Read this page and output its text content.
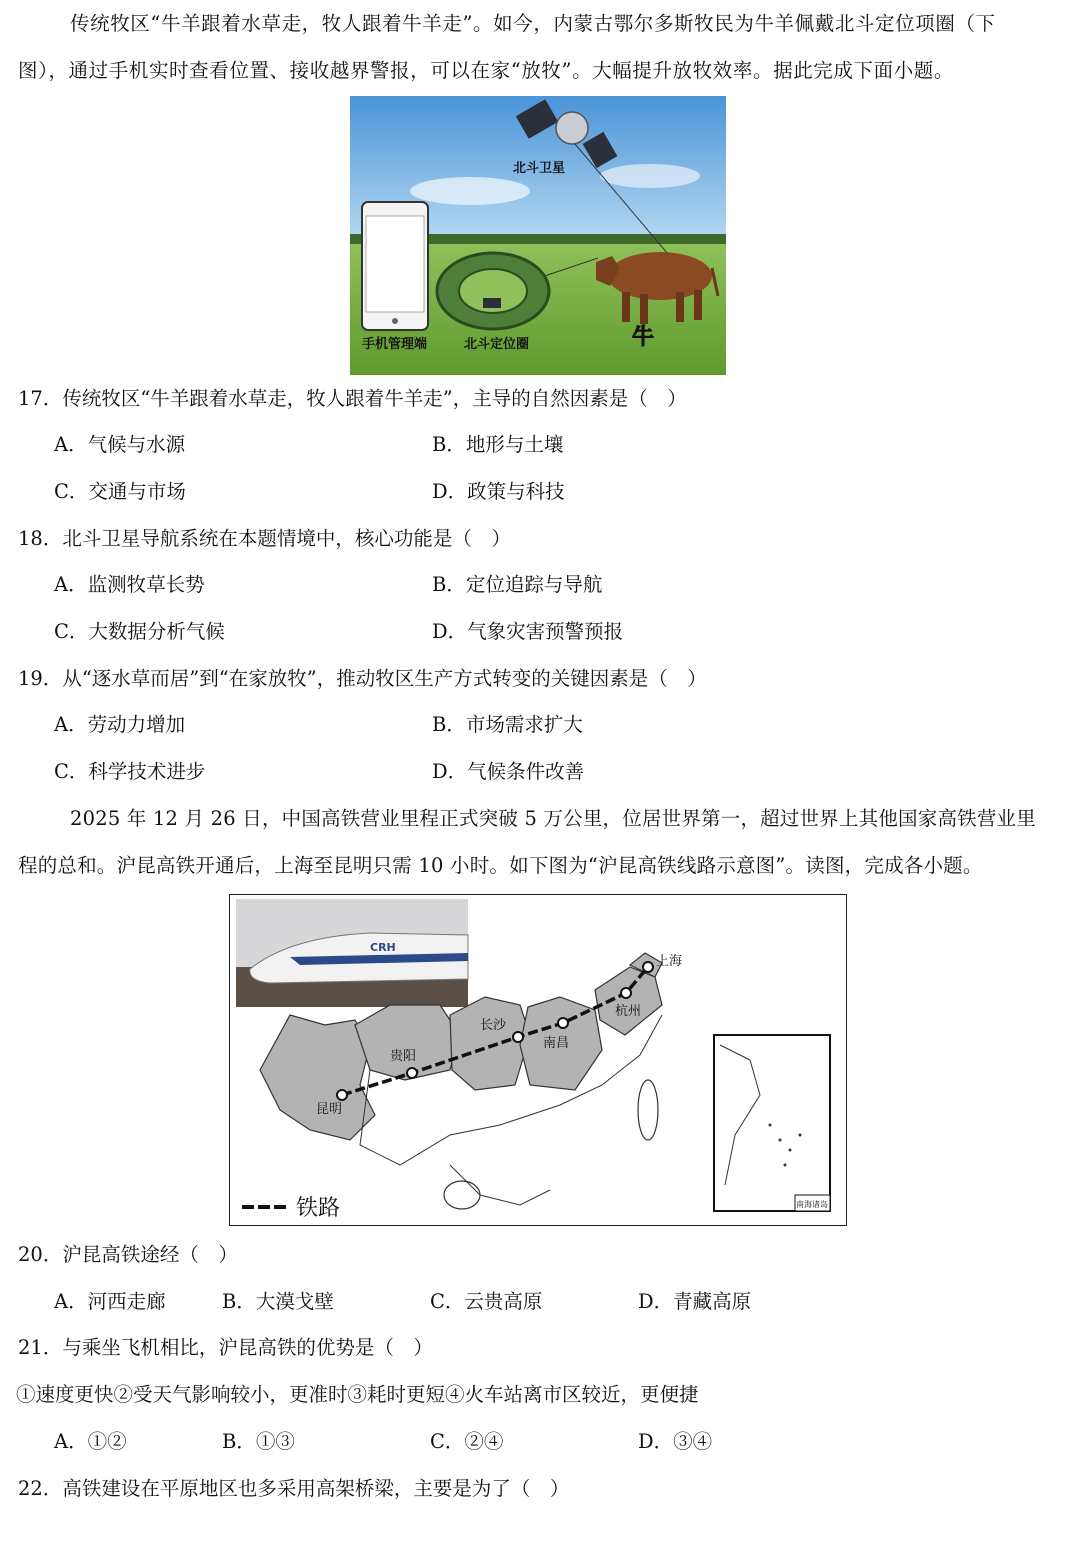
传统牧区“牛羊跟着水草走，牧人跟着牛羊走”。如今，内蒙古鄂尔多斯牧民为牛羊佩戴北斗定位项圈（下
图），通过手机实时查看位置、接收越界警报，可以在家“放牧”。大幅提升放牧效率。据此完成下面小题。
北斗卫星
牛
手机管理端	北斗定位圈
17．传统牧区“牛羊跟着水草走，牧人跟着牛羊走”，主导的自然因素是（　）
A．气候与水源	B．地形与土壤
C．交通与市场	D．政策与科技
18．北斗卫星导航系统在本题情境中，核心功能是（　）
A．监测牧草长势	B．定位追踪与导航
C．大数据分析气候	D．气象灾害预警预报
19．从“逐水草而居”到“在家放牧”，推动牧区生产方式转变的关键因素是（　）
A．劳动力增加	B．市场需求扩大
C．科学技术进步	D．气候条件改善
2025 年 12 月 26 日，中国高铁营业里程正式突破 5 万公里，位居世界第一，超过世界上其他国家高铁营业里
程的总和。沪昆高铁开通后，上海至昆明只需 10 小时。如下图为“沪昆高铁线路示意图”。读图，完成各小题。
CRH
上海
杭州
南昌
长沙
贵阳
昆明
铁路	南海诸岛
20．沪昆高铁途经（　）
A．河西走廊	B．大漠戈壁	C．云贵高原	D．青藏高原
21．与乘坐飞机相比，沪昆高铁的优势是（　）
①速度更快②受天气影响较小，更准时③耗时更短④火车站离市区较近，更便捷
A．①②	B．①③	C．②④	D．③④
22．高铁建设在平原地区也多采用高架桥梁，主要是为了（　）
